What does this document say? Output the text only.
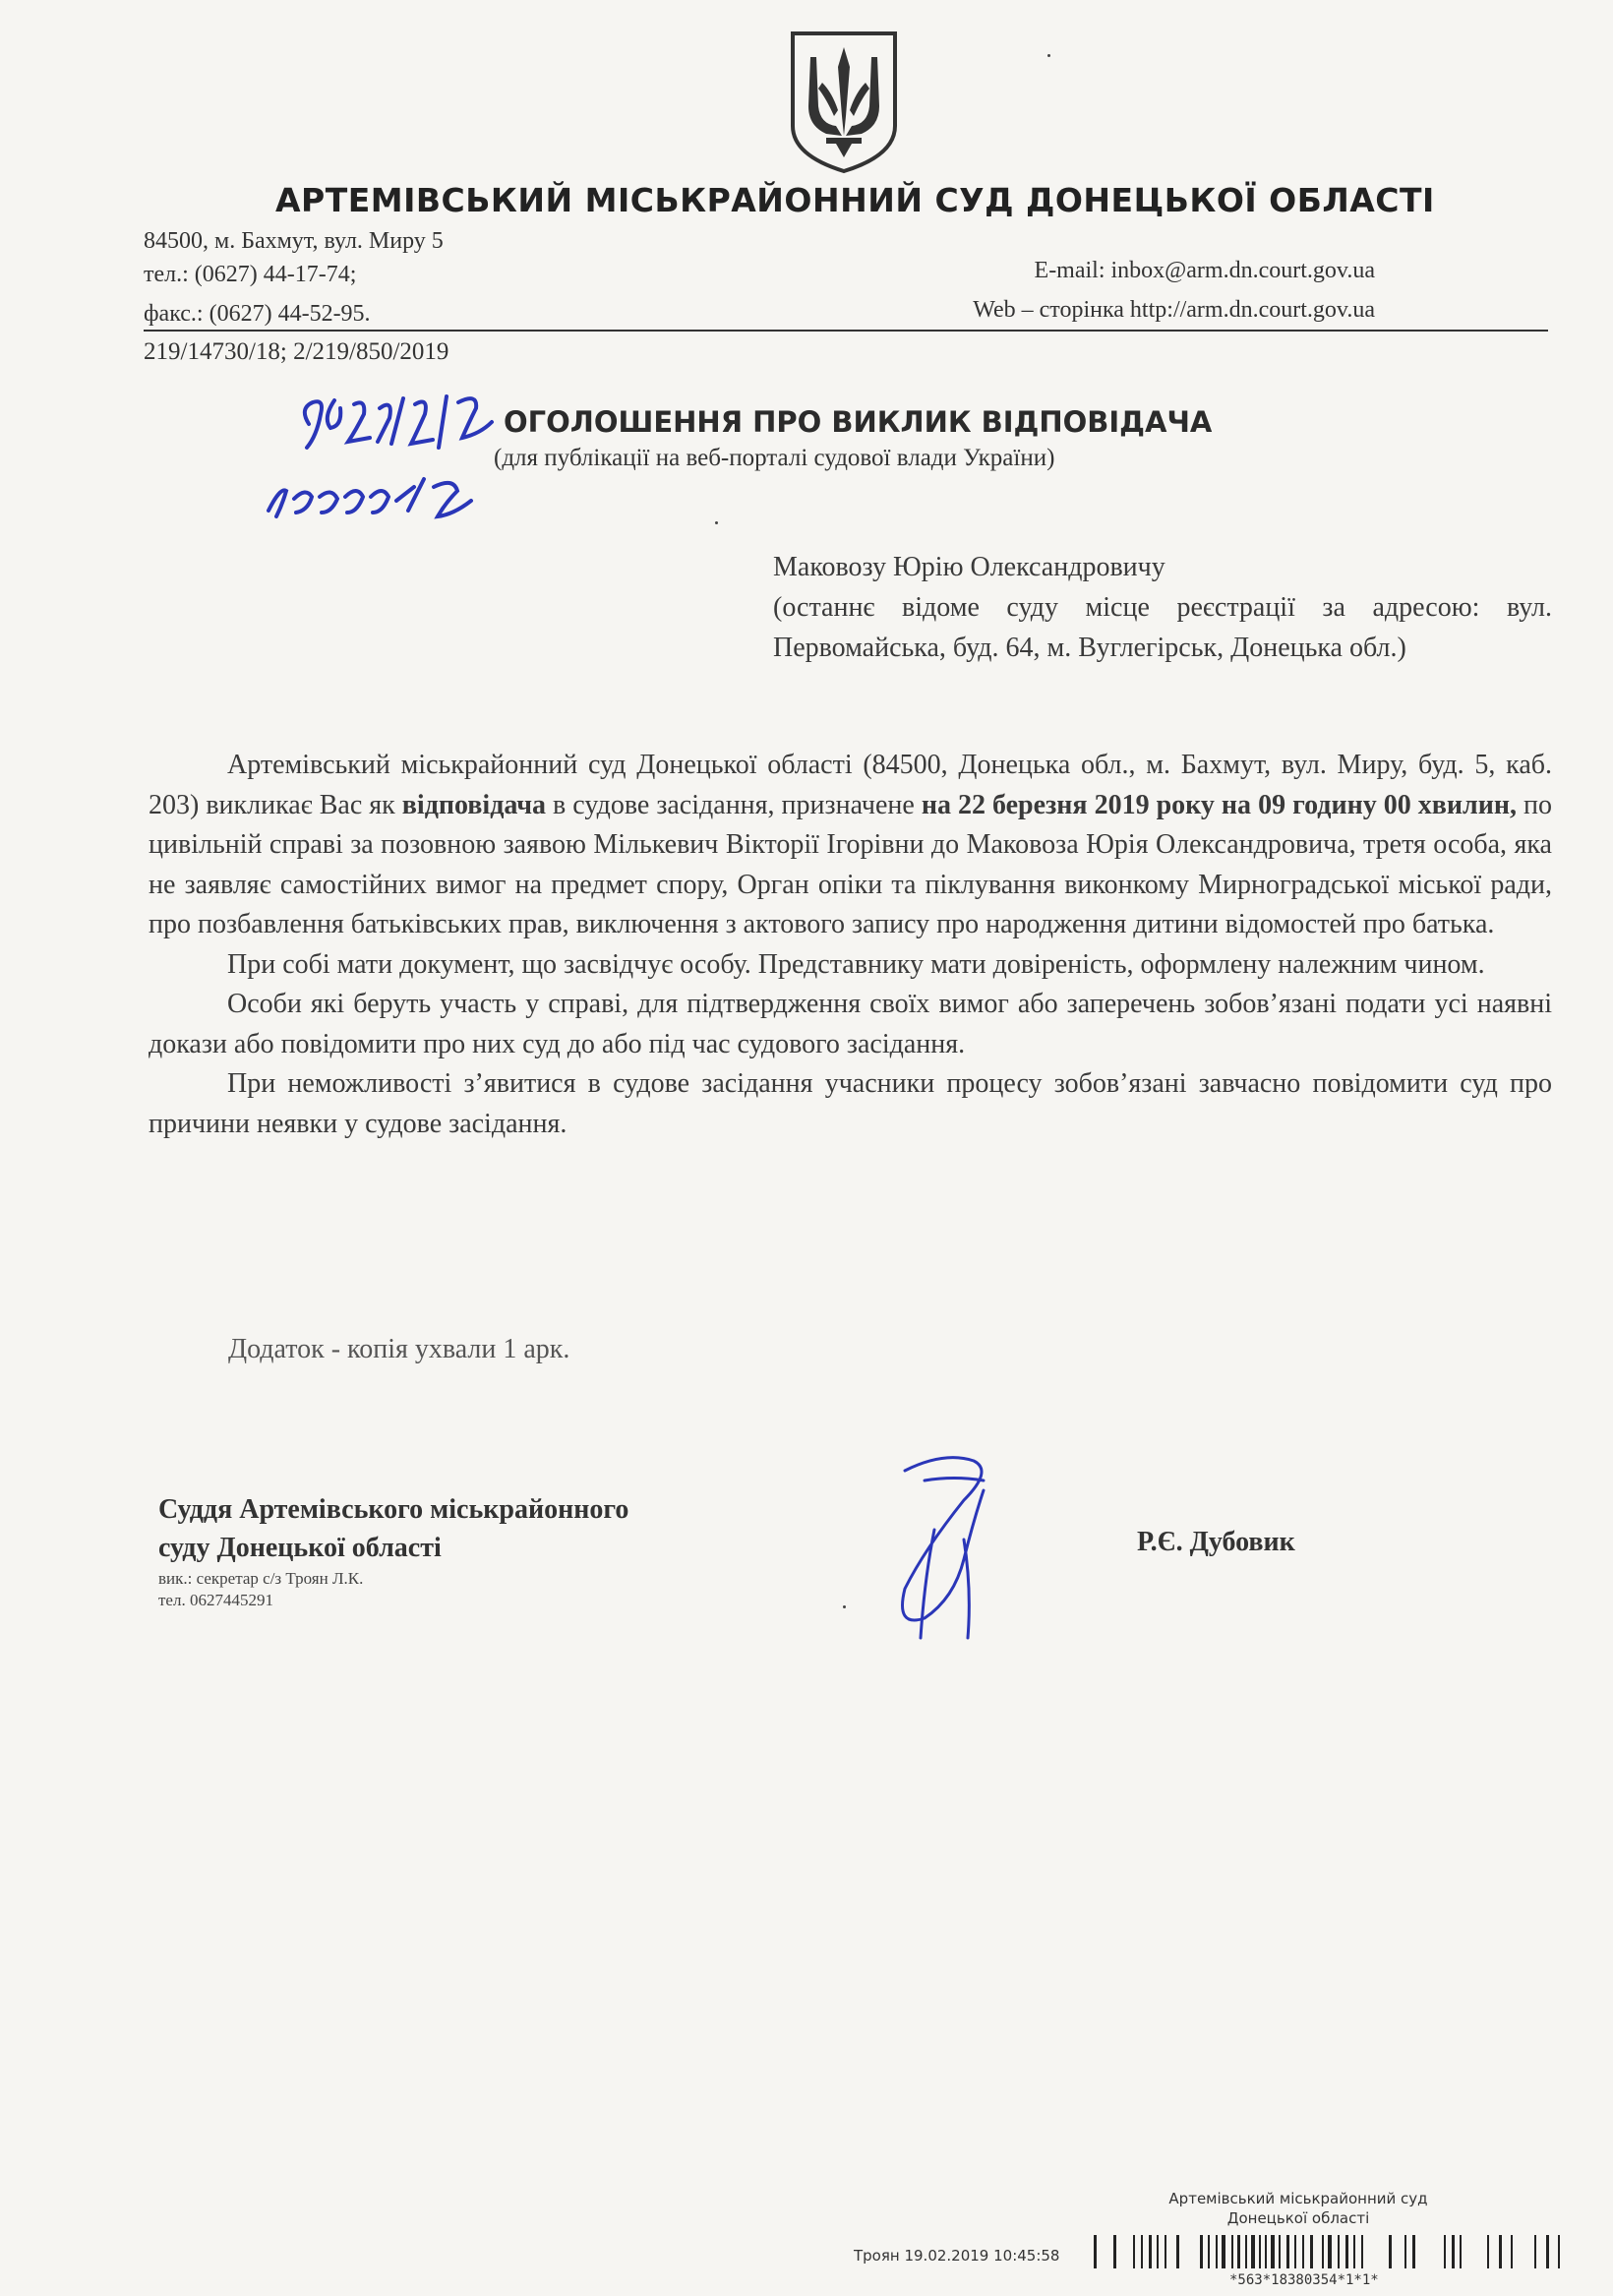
АРТЕМІВСЬКИЙ МІСЬКРАЙОННИЙ СУД ДОНЕЦЬКОЇ ОБЛАСТІ
84500, м. Бахмут, вул. Миру 5
тел.: (0627) 44-17-74;
факс.: (0627) 44-52-95.
E-mail: inbox@arm.dn.court.gov.ua
Web – сторінка http://arm.dn.court.gov.ua
219/14730/18; 2/219/850/2019
ОГОЛОШЕННЯ ПРО ВИКЛИК ВІДПОВІДАЧА
(для публікації на веб-порталі судової влади України)
Маковозу Юрію Олександровичу
(останнє відоме суду місце реєстрації за адресою: вул. Первомайська, буд. 64, м. Вуглегірськ, Донецька обл.)

Артемівський міськрайонний суд Донецької області (84500, Донецька обл., м. Бахмут, вул. Миру, буд. 5, каб. 203) викликає Вас як відповідача в судове засідання, призначене на 22 березня 2019 року на 09 годину 00 хвилин, по цивільній справі за позовною заявою Мількевич Вікторії Ігорівни до Маковоза Юрія Олександровича, третя особа, яка не заявляє самостійних вимог на предмет спору, Орган опіки та піклування виконкому Мирноградської міської ради, про позбавлення батьківських прав, виключення з актового запису про народження дитини відомостей про батька.

При собі мати документ, що засвідчує особу. Представнику мати довіреність, оформлену належним чином.

Особи які беруть участь у справі, для підтвердження своїх вимог або заперечень зобов’язані подати усі наявні докази або повідомити про них суд до або під час судового засідання.

При неможливості з’явитися в судове засідання учасники процесу зобов’язані завчасно повідомити суд про причини неявки у судове засідання.

Додаток - копія ухвали 1 арк.
Суддя Артемівського міськрайонного
суду Донецької області
вик.: секретар с/з Троян Л.К.
тел. 0627445291
Р.Є. Дубовик
Артемівський міськрайонний суд
Донецької області
Троян 19.02.2019 10:45:58
*563*18380354*1*1*
